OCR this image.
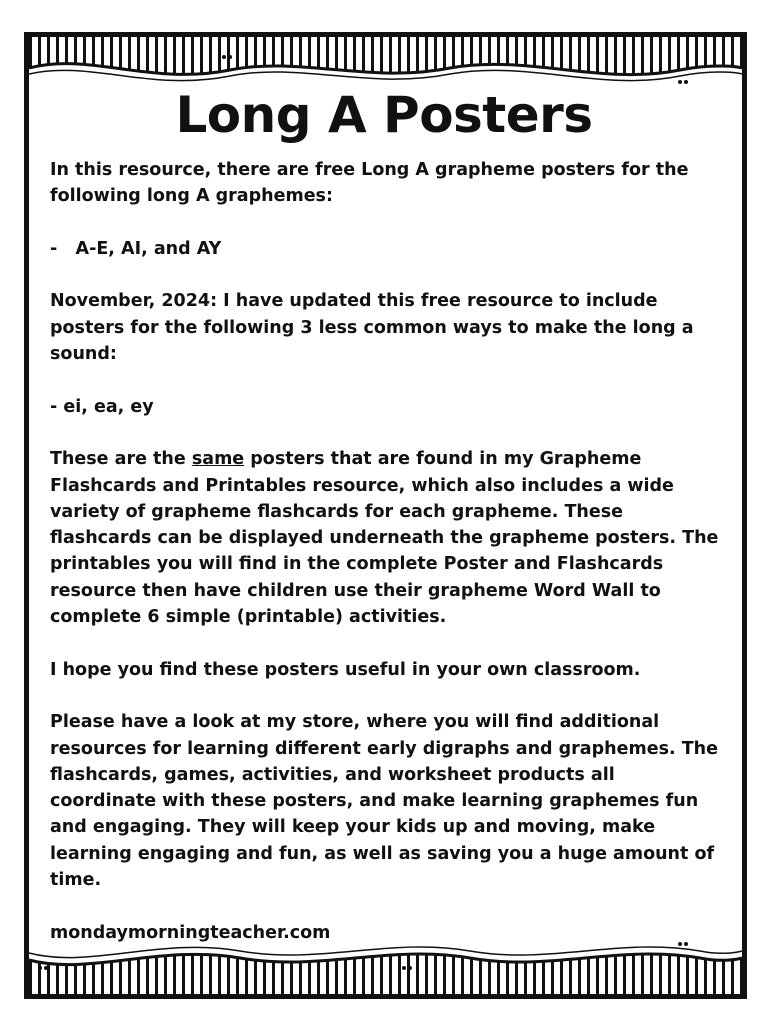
Long A Posters

In this resource, there are free Long A grapheme posters for the following long A graphemes:

-   A-E, AI, and AY

November, 2024: I have updated this free resource to include posters for the following 3 less common ways to make the long a sound:

- ei, ea, ey

These are the same posters that are found in my Grapheme Flashcards and Printables resource, which also includes a wide variety of grapheme flashcards for each grapheme. These flashcards can be displayed underneath the grapheme posters. The printables you will find in the complete Poster and Flashcards resource then have children use their grapheme Word Wall to complete 6 simple (printable) activities.

I hope you find these posters useful in your own classroom.

Please have a look at my store, where you will find additional resources for learning different early digraphs and graphemes. The flashcards, games, activities, and worksheet products all coordinate with these posters, and make learning graphemes fun and engaging. They will keep your kids up and moving, make learning engaging and fun, as well as saving you a huge amount of time.

mondaymorningteacher.com
